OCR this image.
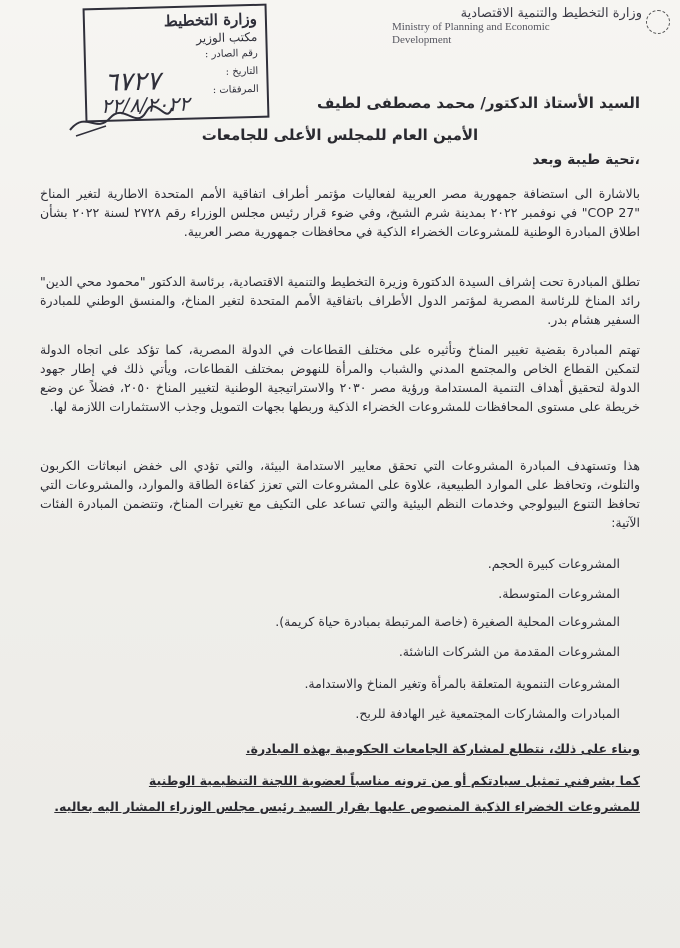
وزارة التخطيط
مكتب الوزير
رقم الصادر :
التاريخ :
المرفقات :
٦٧٢٧
٢٢/٨/٢٠٢٢
وزارة التخطيط والتنمية الاقتصادية
Ministry of Planning and Economic
Development
السيد الأستاذ الدكتور/ محمد مصطفى لطيف
الأمين العام للمجلس الأعلى للجامعات
تحية طيبة وبعد،
بالاشارة الى استضافة جمهورية مصر العربية لفعاليات مؤتمر أطراف اتفاقية الأمم المتحدة الاطارية لتغير المناخ "COP 27" في نوفمبر ٢٠٢٢ بمدينة شرم الشيخ، وفي ضوء قرار رئيس مجلس الوزراء رقم ٢٧٢٨ لسنة ٢٠٢٢ بشأن اطلاق المبادرة الوطنية للمشروعات الخضراء الذكية في محافظات جمهورية مصر العربية.
تطلق المبادرة تحت إشراف السيدة الدكتورة وزيرة التخطيط والتنمية الاقتصادية، برئاسة الدكتور "محمود محي الدين" رائد المناخ للرئاسة المصرية لمؤتمر الدول الأطراف باتفاقية الأمم المتحدة لتغير المناخ، والمنسق الوطني للمبادرة السفير هشام بدر.
تهتم المبادرة بقضية تغيير المناخ وتأثيره على مختلف القطاعات في الدولة المصرية، كما تؤكد على اتجاه الدولة لتمكين القطاع الخاص والمجتمع المدني والشباب والمرأة للنهوض بمختلف القطاعات، ويأتي ذلك في إطار جهود الدولة لتحقيق أهداف التنمية المستدامة ورؤية مصر ٢٠٣٠ والاستراتيجية الوطنية لتغيير المناخ ٢٠٥٠، فضلاً عن وضع خريطة على مستوى المحافظات للمشروعات الخضراء الذكية وربطها بجهات التمويل وجذب الاستثمارات اللازمة لها.
هذا وتستهدف المبادرة المشروعات التي تحقق معايير الاستدامة البيئة، والتي تؤدي الى خفض انبعاثات الكربون والتلوث، وتحافظ على الموارد الطبيعية، علاوة على المشروعات التي تعزز كفاءة الطاقة والموارد، والمشروعات التي تحافظ التنوع البيولوجي وخدمات النظم البيئية والتي تساعد على التكيف مع تغيرات المناخ، وتتضمن المبادرة الفئات الآتية:
المشروعات كبيرة الحجم.
المشروعات المتوسطة.
المشروعات المحلية الصغيرة (خاصة المرتبطة بمبادرة حياة كريمة).
المشروعات المقدمة من الشركات الناشئة.
المشروعات التنموية المتعلقة بالمرأة وتغير المناخ والاستدامة.
المبادرات والمشاركات المجتمعية غير الهادفة للربح.
وبناء على ذلك، نتطلع لمشاركة الجامعات الحكومية بهذه المبادرة.
كما يشرفني تمثيل سيادتكم أو من ترونه مناسباً لعضوية اللجنة التنظيمية الوطنية
للمشروعات الخضراء الذكية المنصوص عليها بقرار السيد رئيس مجلس الوزراء المشار اليه بعاليه.
